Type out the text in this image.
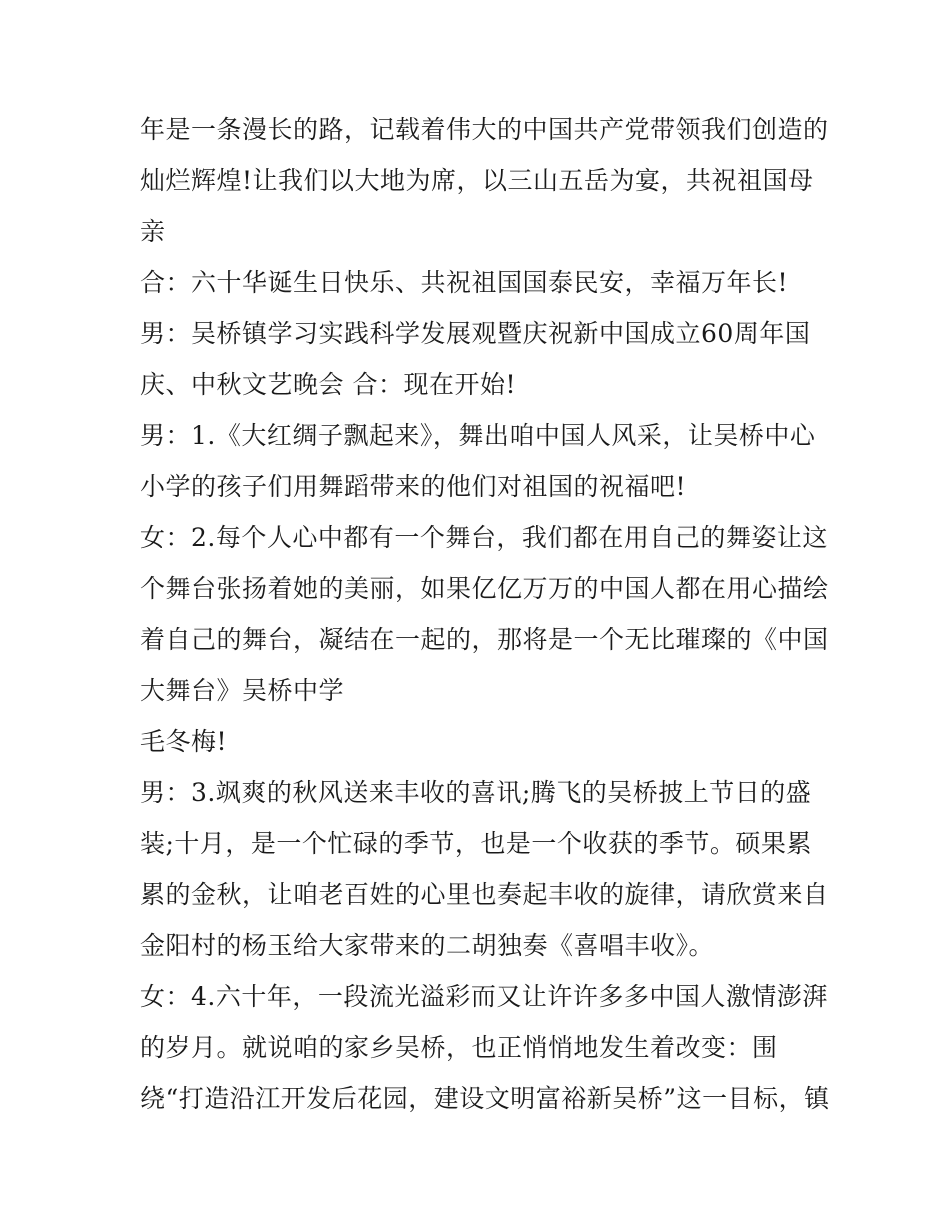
年是一条漫长的路，记载着伟大的中国共产党带领我们创造的
灿烂辉煌!让我们以大地为席，以三山五岳为宴，共祝祖国母
亲
合：六十华诞生日快乐、共祝祖国国泰民安，幸福万年长!
男：吴桥镇学习实践科学发展观暨庆祝新中国成立60周年国
庆、中秋文艺晚会 合：现在开始!
男：1.《大红绸子飘起来》，舞出咱中国人风采，让吴桥中心
小学的孩子们用舞蹈带来的他们对祖国的祝福吧!
女：2.每个人心中都有一个舞台，我们都在用自己的舞姿让这
个舞台张扬着她的美丽，如果亿亿万万的中国人都在用心描绘
着自己的舞台，凝结在一起的，那将是一个无比璀璨的《中国
大舞台》吴桥中学
毛冬梅!
男：3.飒爽的秋风送来丰收的喜讯;腾飞的吴桥披上节日的盛
装;十月，是一个忙碌的季节，也是一个收获的季节。硕果累
累的金秋，让咱老百姓的心里也奏起丰收的旋律，请欣赏来自
金阳村的杨玉给大家带来的二胡独奏《喜唱丰收》。
女：4.六十年，一段流光溢彩而又让许许多多中国人激情澎湃
的岁月。就说咱的家乡吴桥，也正悄悄地发生着改变：围
绕“打造沿江开发后花园，建设文明富裕新吴桥”这一目标，镇
